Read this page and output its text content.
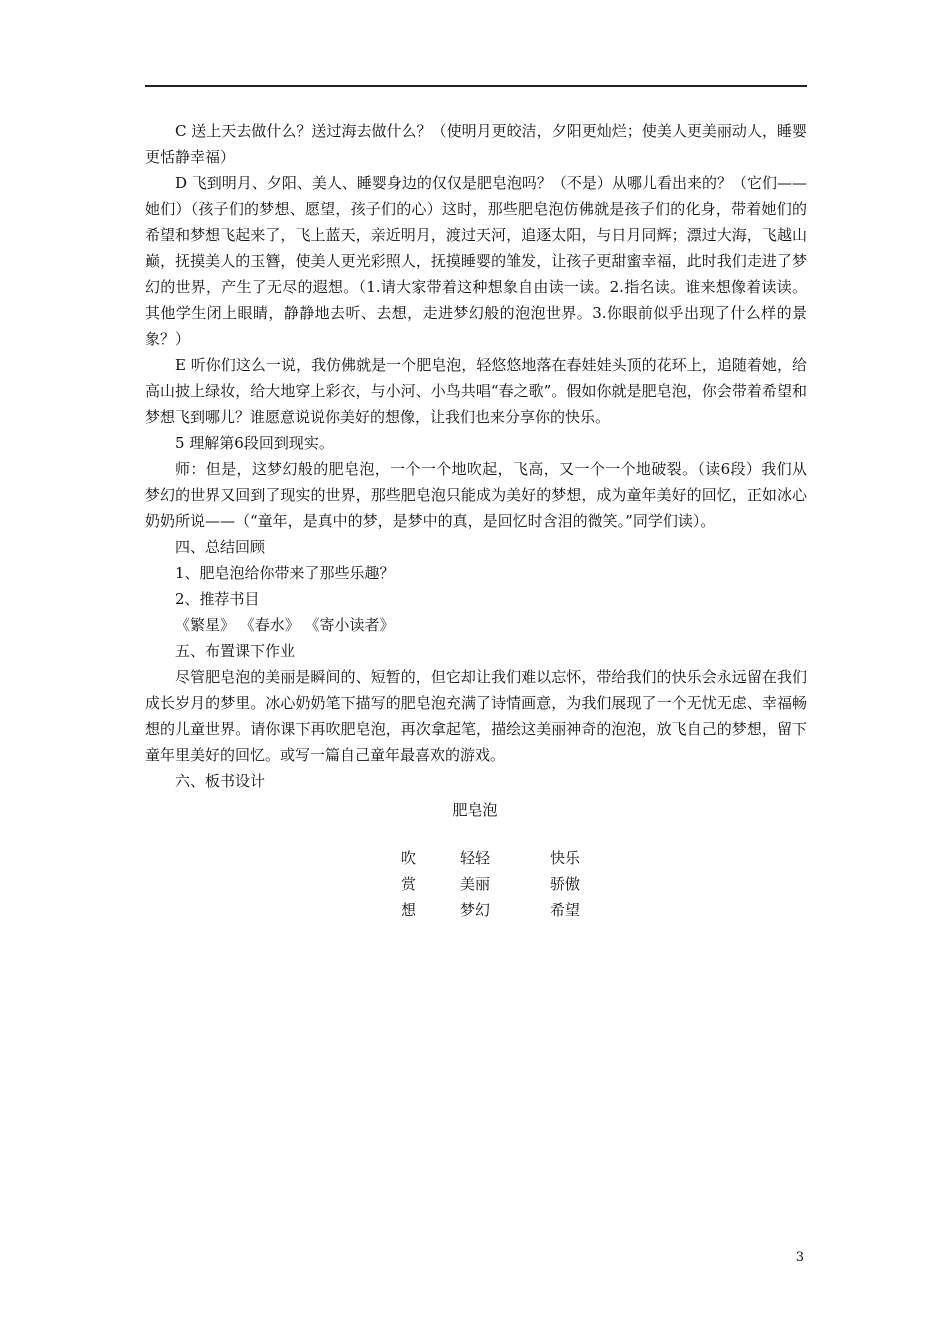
C 送上天去做什么？送过海去做什么？（使明月更皎洁，夕阳更灿烂；使美人更美丽动人，睡婴更恬静幸福）

D 飞到明月、夕阳、美人、睡婴身边的仅仅是肥皂泡吗？（不是）从哪儿看出来的？（它们——她们）（孩子们的梦想、愿望，孩子们的心）这时，那些肥皂泡仿佛就是孩子们的化身，带着她们的希望和梦想飞起来了，飞上蓝天，亲近明月，渡过天河，追逐太阳，与日月同辉；漂过大海，飞越山巅，抚摸美人的玉簪，使美人更光彩照人，抚摸睡婴的雏发，让孩子更甜蜜幸福，此时我们走进了梦幻的世界，产生了无尽的遐想。（1.请大家带着这种想象自由读一读。2.指名读。谁来想像着读读。其他学生闭上眼睛，静静地去听、去想，走进梦幻般的泡泡世界。3.你眼前似乎出现了什么样的景象？）

E 听你们这么一说，我仿佛就是一个肥皂泡，轻悠悠地落在春娃娃头顶的花环上，追随着她，给高山披上绿妆，给大地穿上彩衣，与小河、小鸟共唱“春之歌”。假如你就是肥皂泡，你会带着希望和梦想飞到哪儿？谁愿意说说你美好的想像，让我们也来分享你的快乐。

5 理解第6段回到现实。

师：但是，这梦幻般的肥皂泡，一个一个地吹起，飞高，又一个一个地破裂。（读6段）我们从梦幻的世界又回到了现实的世界，那些肥皂泡只能成为美好的梦想，成为童年美好的回忆，正如冰心奶奶所说——（“童年，是真中的梦，是梦中的真，是回忆时含泪的微笑。”同学们读）。

四、总结回顾

1、肥皂泡给你带来了那些乐趣？

2、推荐书目

《繁星》 《春水》 《寄小读者》

五、布置课下作业

尽管肥皂泡的美丽是瞬间的、短暂的，但它却让我们难以忘怀，带给我们的快乐会永远留在我们成长岁月的梦里。冰心奶奶笔下描写的肥皂泡充满了诗情画意，为我们展现了一个无忧无虑、幸福畅想的儿童世界。请你课下再吹肥皂泡，再次拿起笔，描绘这美丽神奇的泡泡，放飞自己的梦想，留下童年里美好的回忆。或写一篇自己童年最喜欢的游戏。

六、板书设计

肥皂泡
吹	轻轻	快乐
赏	美丽	骄傲
想	梦幻	希望
3
